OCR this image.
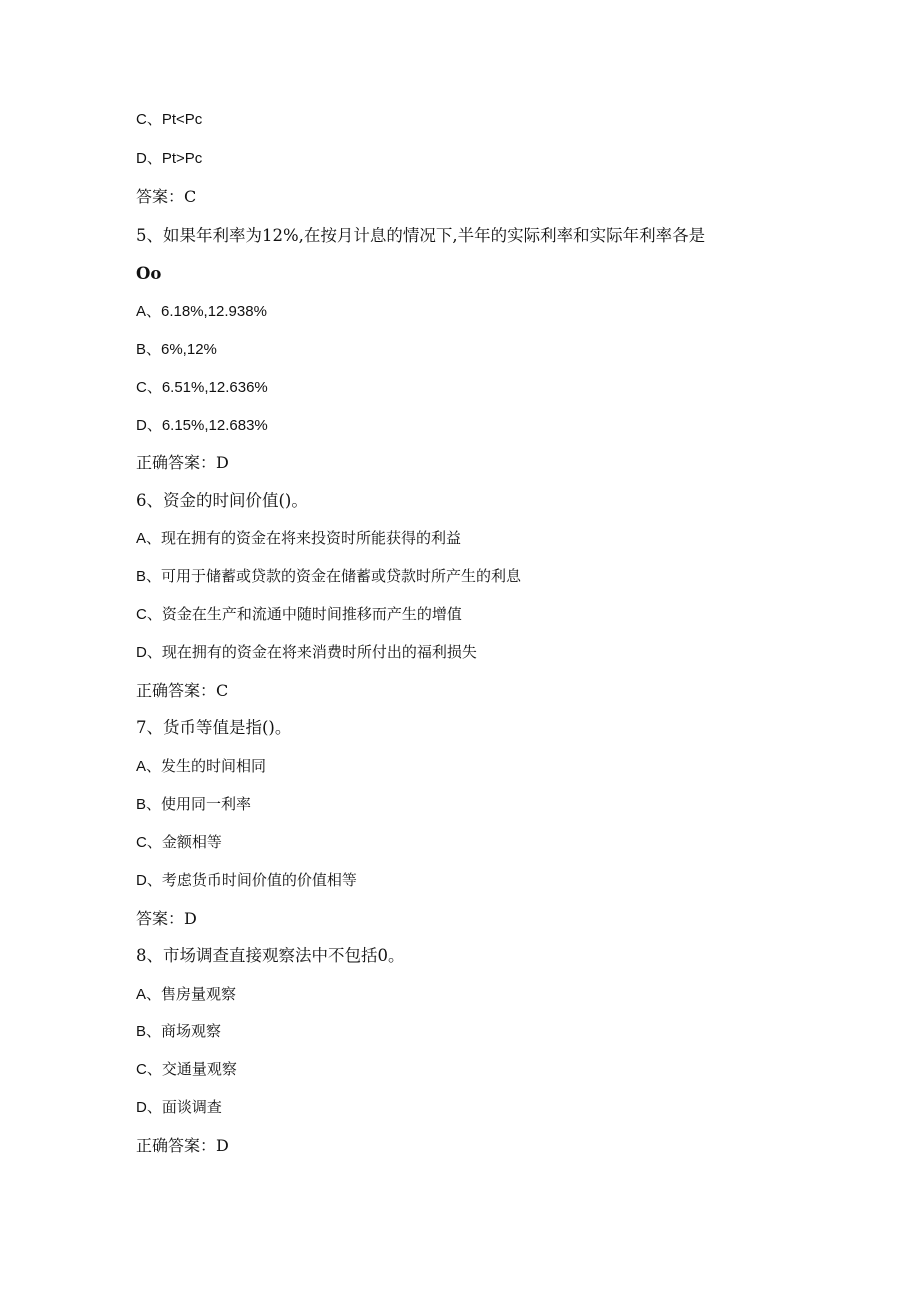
C、Pt<Pc
D、Pt>Pc
答案：C
5、如果年利率为12%,在按月计息的情况下,半年的实际利率和实际年利率各是
Oo
A、6.18%,12.938%
B、6%,12%
C、6.51%,12.636%
D、6.15%,12.683%
正确答案：D
6、资金的时间价值()。
A、现在拥有的资金在将来投资时所能获得的利益
B、可用于储蓄或贷款的资金在储蓄或贷款时所产生的利息
C、资金在生产和流通中随时间推移而产生的增值
D、现在拥有的资金在将来消费时所付出的福利损失
正确答案：C
7、货币等值是指()。
A、发生的时间相同
B、使用同一利率
C、金额相等
D、考虑货币时间价值的价值相等
答案：D
8、市场调查直接观察法中不包括0。
A、售房量观察
B、商场观察
C、交通量观察
D、面谈调查
正确答案：D
